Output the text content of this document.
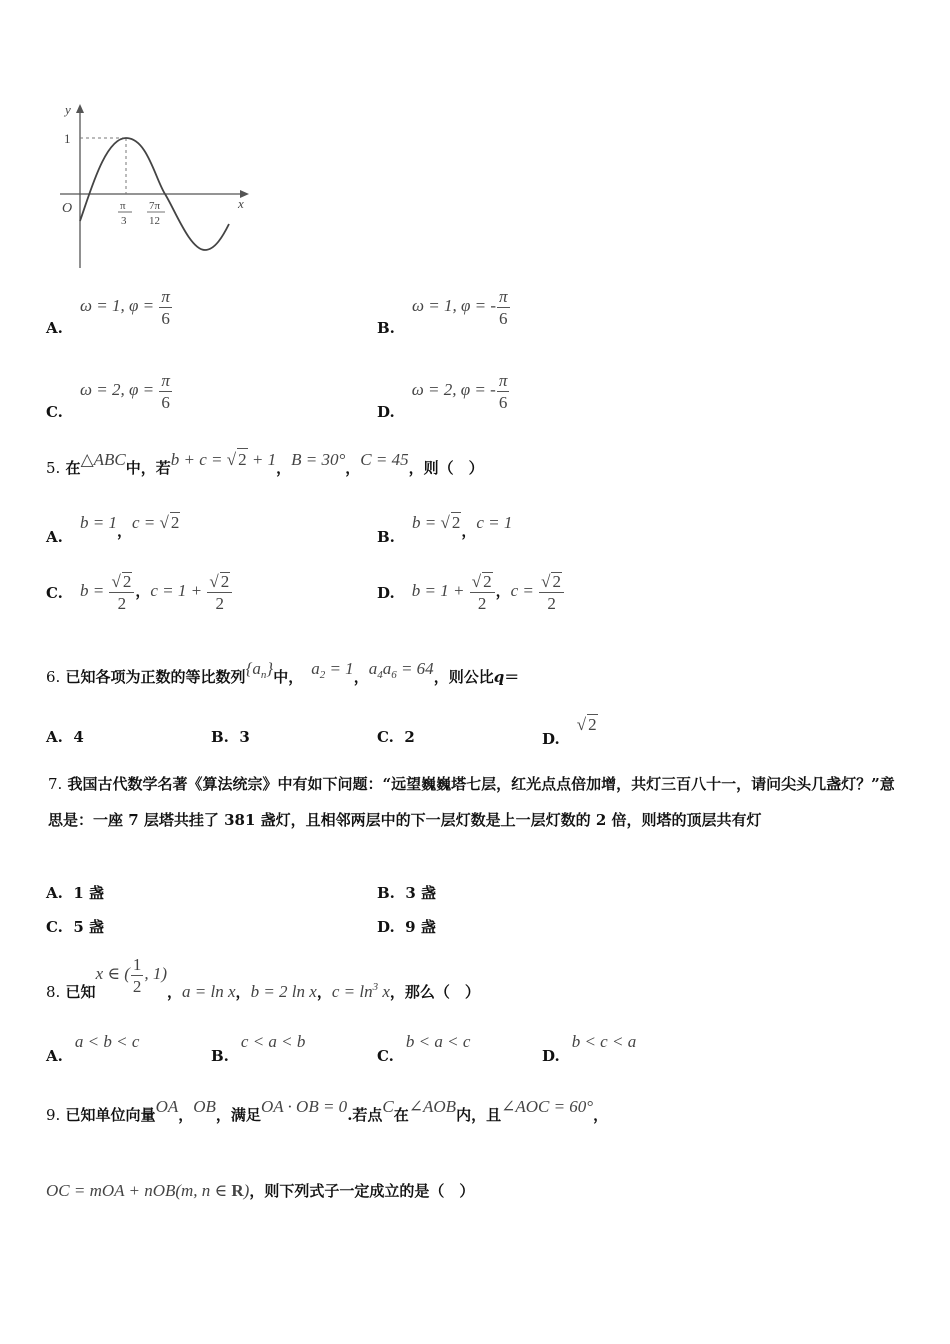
y
x
O
1
π
3
7π
12
A. ω = 1, $\varphi = \frac{\pi}{6}$
B. ω = 1, φ = - $\frac{\pi}{6}$
C. ω = 2, $\varphi = \frac{\pi}{6}$
D. ω = 2, φ = - $\frac{\pi}{6}$
5. 在△ABC中，若b + c = √ 2 + 1，B = 30°，C = 45，则（　）
A. b = 1，c = √ 2
B. b = √ 2，c = 1
C. $b = \frac{√ 2}{2}$ ，$c = 1 + \frac{√ 2}{2}$	D. $b = 1 + \frac{√ 2}{2}$ ，$c = \frac{√ 2}{2}$
6. 已知各项为正数的等比数列$\{a_n\}$中， $a_2 = 1$，$a_4a_6 = 64$，则公比q＝
A. 4	B. 3	C. 2	D. √ 2
7. 我国古代数学名著《算法统宗》中有如下问题：“远望巍巍塔七层，红光点点倍加增，共灯三百八十一，请问尖头几盏灯？”意思是：一座 7 层塔共挂了 381 盏灯，且相邻两层中的下一层灯数是上一层灯数的 2 倍，则塔的顶层共有灯
A. 1 盏	B. 3 盏
C. 5 盏	D. 9 盏
8. 已知x ∈ ( $\frac{1}{2}$ , 1)，a = ln x，b = 2 ln x，$c = \ln^3 x$，那么（　）
A.a < b < c
B.c < a < b
C.b < a < c
D.b < c < a
9. 已知单位向量OA，OB，满足OA · OB = 0.若点C在∠AOB内，且∠AOC = 60°，
OC = mOA + nOB(m, n ∈ R)，则下列式子一定成立的是（　）
